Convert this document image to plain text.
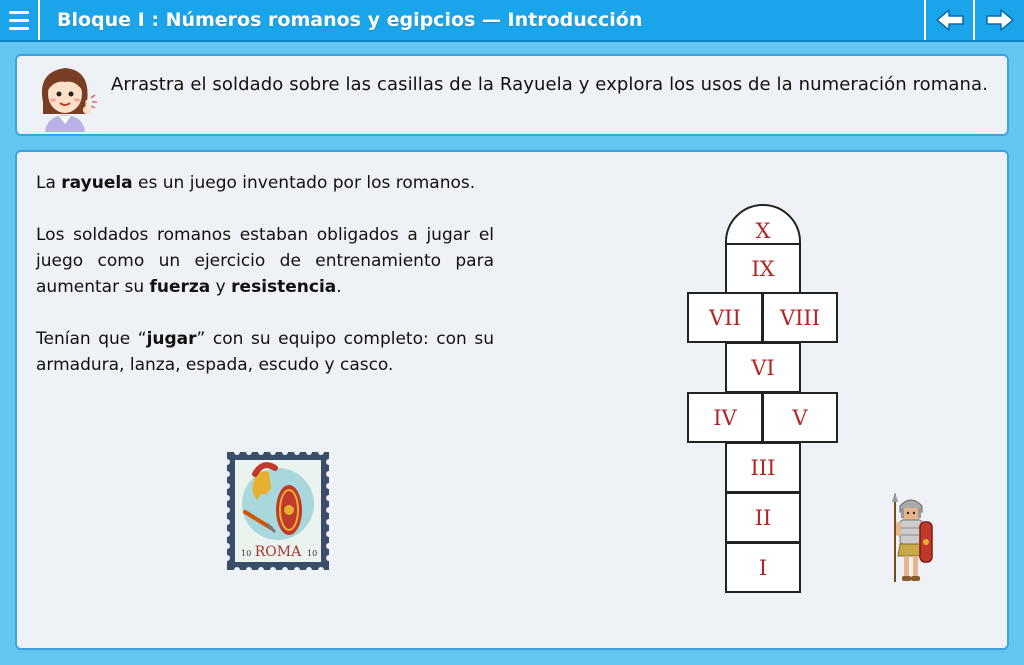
Bloque I : Números romanos y egipcios — Introducción
Arrastra el soldado sobre las casillas de la Rayuela y explora los usos de la numeración romana.

La rayuela es un juego inventado por los romanos.

Los soldados romanos estaban obligados a jugar el juego como un ejercicio de entrenamiento para aumentar su fuerza y resistencia.

Tenían que “jugar” con su equipo completo: con su armadura, lanza, espada, escudo y casco.

ROMA
10	10
X
IX
VII	VIII
VI
IV	V
III
II
I
